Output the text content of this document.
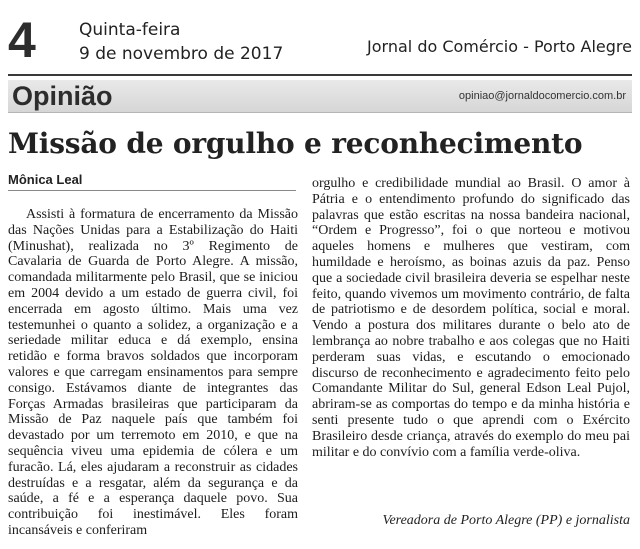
4	Quinta-feira
9 de novembro de 2017	Jornal do Comércio - Porto Alegre
Opinião	opiniao@jornaldocomercio.com.br
Missão de orgulho e reconhecimento
Mônica Leal

Assisti à formatura de encerramento da Missão das Nações Unidas para a Estabilização do Haiti (Minushat), realizada no 3º Regimento de Cavalaria de Guarda de Porto Alegre. A missão, comandada militarmente pelo Brasil, que se iniciou em 2004 devido a um estado de guerra civil, foi encerrada em agosto último. Mais uma vez testemunhei o quanto a solidez, a organização e a seriedade militar educa e dá exemplo, ensina retidão e forma bravos soldados que incorporam valores e que carregam ensinamentos para sempre consigo. Estávamos diante de integrantes das Forças Armadas brasileiras que participaram da Missão de Paz naquele país que também foi devastado por um terremoto em 2010, e que na sequência viveu uma epidemia de cólera e um furacão. Lá, eles ajudaram a reconstruir as cidades destruídas e a resgatar, além da segurança e da saúde, a fé e a esperança daquele povo. Sua contribuição foi inestimável. Eles foram incansáveis e conferiram

orgulho e credibilidade mundial ao Brasil. O amor à Pátria e o entendimento profundo do significado das palavras que estão escritas na nossa bandeira nacional, “Ordem e Progresso”, foi o que norteou e motivou aqueles homens e mulheres que vestiram, com humildade e heroísmo, as boinas azuis da paz. Penso que a sociedade civil brasileira deveria se espelhar neste feito, quando vivemos um movimento contrário, de falta de patriotismo e de desordem política, social e moral. Vendo a postura dos militares durante o belo ato de lembrança ao nobre trabalho e aos colegas que no Haiti perderam suas vidas, e escutando o emocionado discurso de reconhecimento e agradecimento feito pelo Comandante Militar do Sul, general Edson Leal Pujol, abriram-se as comportas do tempo e da minha história e senti presente tudo o que aprendi com o Exército Brasileiro desde criança, através do exemplo do meu pai militar e do convívio com a família verde-oliva.

Vereadora de Porto Alegre (PP) e jornalista
